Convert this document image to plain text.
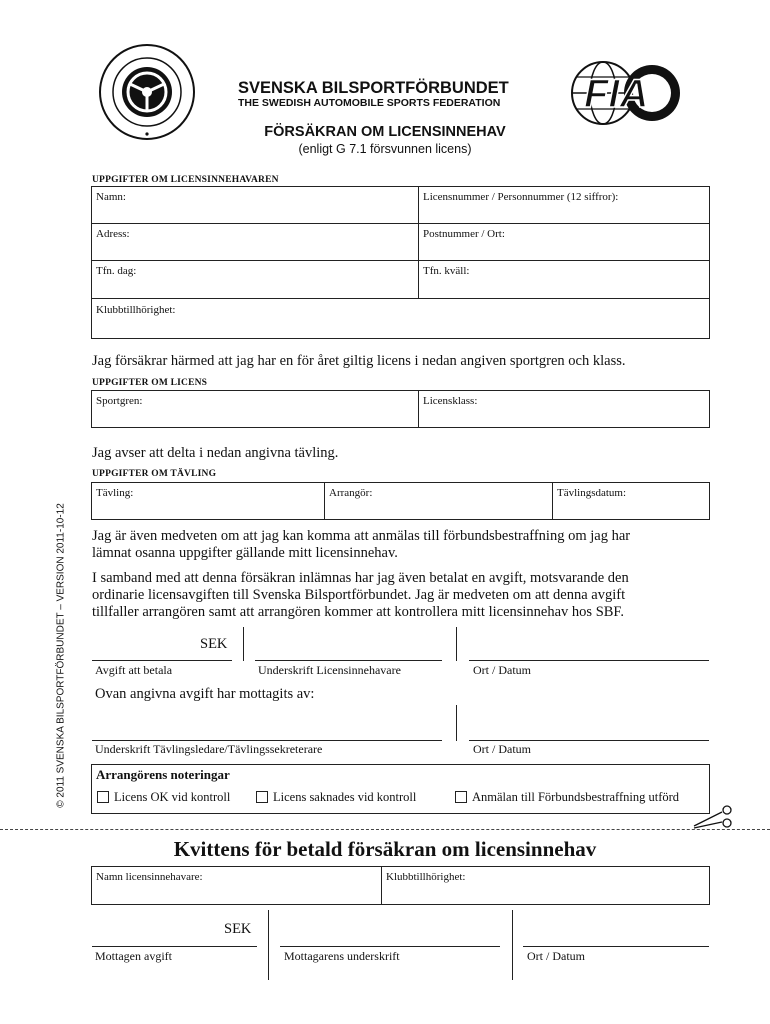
SVENSKA BILSPORTFÖRBUNDET
THE SWEDISH AUTOMOBILE SPORTS FEDERATION FIA
FÖRSÄKRAN OM LICENSINNEHAV
(enligt G 7.1 försvunnen licens)
© 2011 SVENSKA BILSPORTFÖRBUNDET – VERSION 2011-10-12
UPPGIFTER OM LICENSINNEHAVAREN
Namn:	Licensnummer / Personnummer (12 siffror):
Adress:	Postnummer / Ort:
Tfn. dag:	Tfn. kväll:
Klubbtillhörighet:
Jag försäkrar härmed att jag har en för året giltig licens i nedan angiven sportgren och klass.
UPPGIFTER OM LICENS
Sportgren:	Licensklass:
Jag avser att delta i nedan angivna tävling.
UPPGIFTER OM TÄVLING
Tävling:	Arrangör:	Tävlingsdatum:
Jag är även medveten om att jag kan komma att anmälas till förbundsbestraffning om jag har
lämnat osanna uppgifter gällande mitt licensinnehav.
I samband med att denna försäkran inlämnas har jag även betalat en avgift, motsvarande den
ordinarie licensavgiften till Svenska Bilsportförbundet. Jag är medveten om att denna avgift
tillfaller arrangören samt att arrangören kommer att kontrollera mitt licensinnehav hos SBF.
SEK
Avgift att betala	Underskrift Licensinnehavare	Ort / Datum
Ovan angivna avgift har mottagits av:
Underskrift Tävlingsledare/Tävlingssekreterare	Ort / Datum
Arrangörens noteringar
Licens OK vid kontroll	Licens saknades vid kontroll	Anmälan till Förbundsbestraffning utförd
Kvittens för betald försäkran om licensinnehav
Namn licensinnehavare:	Klubbtillhörighet:
SEK
Mottagen avgift	Mottagarens underskrift	Ort / Datum
